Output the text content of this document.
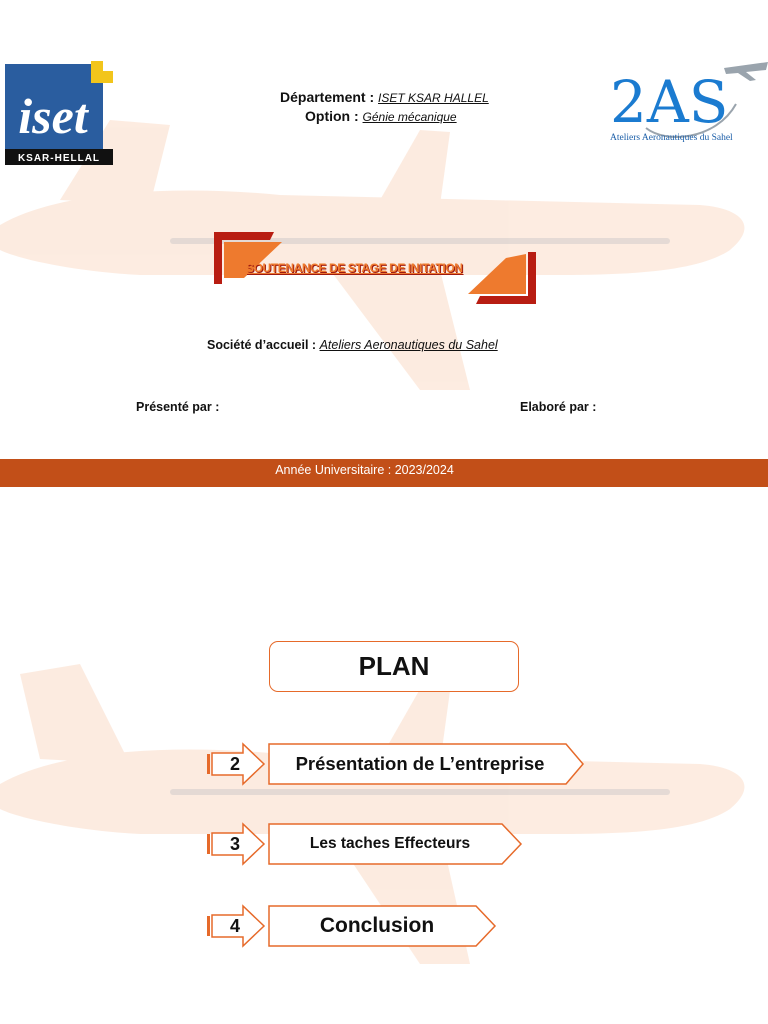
iset
KSAR-HELLAL
2AS
Ateliers Aeronautiques du Sahel
Département : ISET KSAR HALLEL
Option : Génie mécanique
SOUTENANCE DE STAGE DE INITATION
Société d’accueil : Ateliers Aeronautiques du Sahel
Présenté par :	Elaboré par :
Année Universitaire : 2023/2024
PLAN
2	Présentation de L’entreprise
3	Les taches Effecteurs
4	Conclusion
